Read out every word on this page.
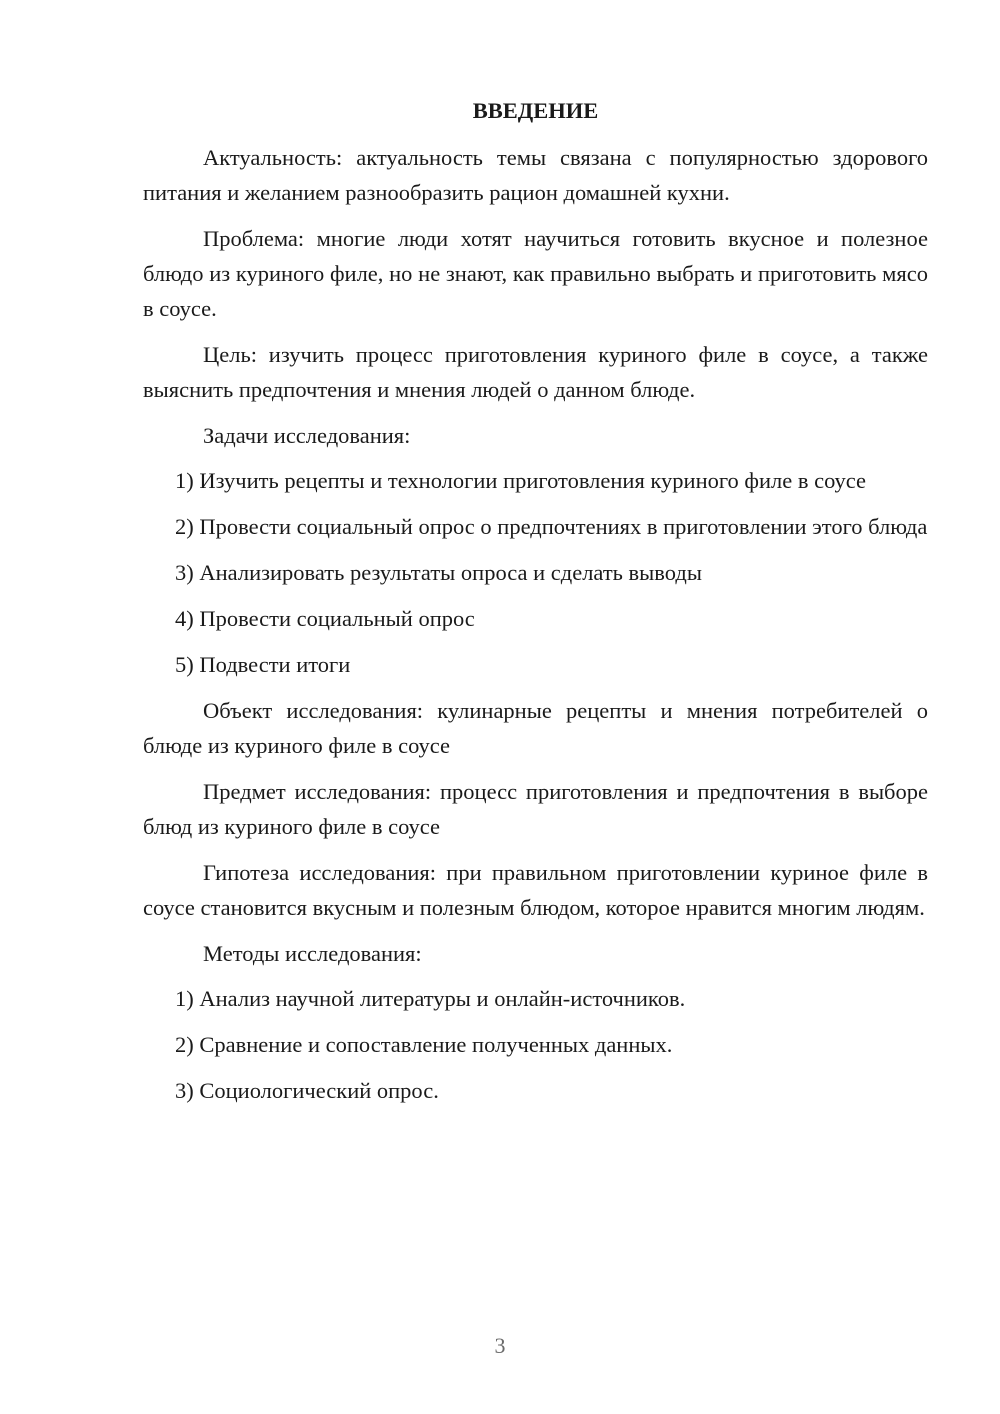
ВВЕДЕНИЕ

Актуальность: актуальность темы связана с популярностью здорового питания и желанием разнообразить рацион домашней кухни.

Проблема: многие люди хотят научиться готовить вкусное и полезное блюдо из куриного филе, но не знают, как правильно выбрать и приготовить мясо в соусе.

Цель: изучить процесс приготовления куриного филе в соусе, а также выяснить предпочтения и мнения людей о данном блюде.

Задачи исследования:

1) Изучить рецепты и технологии приготовления куриного филе в соусе

2) Провести социальный опрос о предпочтениях в приготовлении этого блюда

3) Анализировать результаты опроса и сделать выводы

4) Провести социальный опрос

5) Подвести итоги

Объект исследования: кулинарные рецепты и мнения потребителей о блюде из куриного филе в соусе

Предмет исследования: процесс приготовления и предпочтения в выборе блюд из куриного филе в соусе

Гипотеза исследования: при правильном приготовлении куриное филе в соусе становится вкусным и полезным блюдом, которое нравится многим людям.

Методы исследования:

1) Анализ научной литературы и онлайн-источников.

2) Сравнение и сопоставление полученных данных.

3) Социологический опрос.

3
